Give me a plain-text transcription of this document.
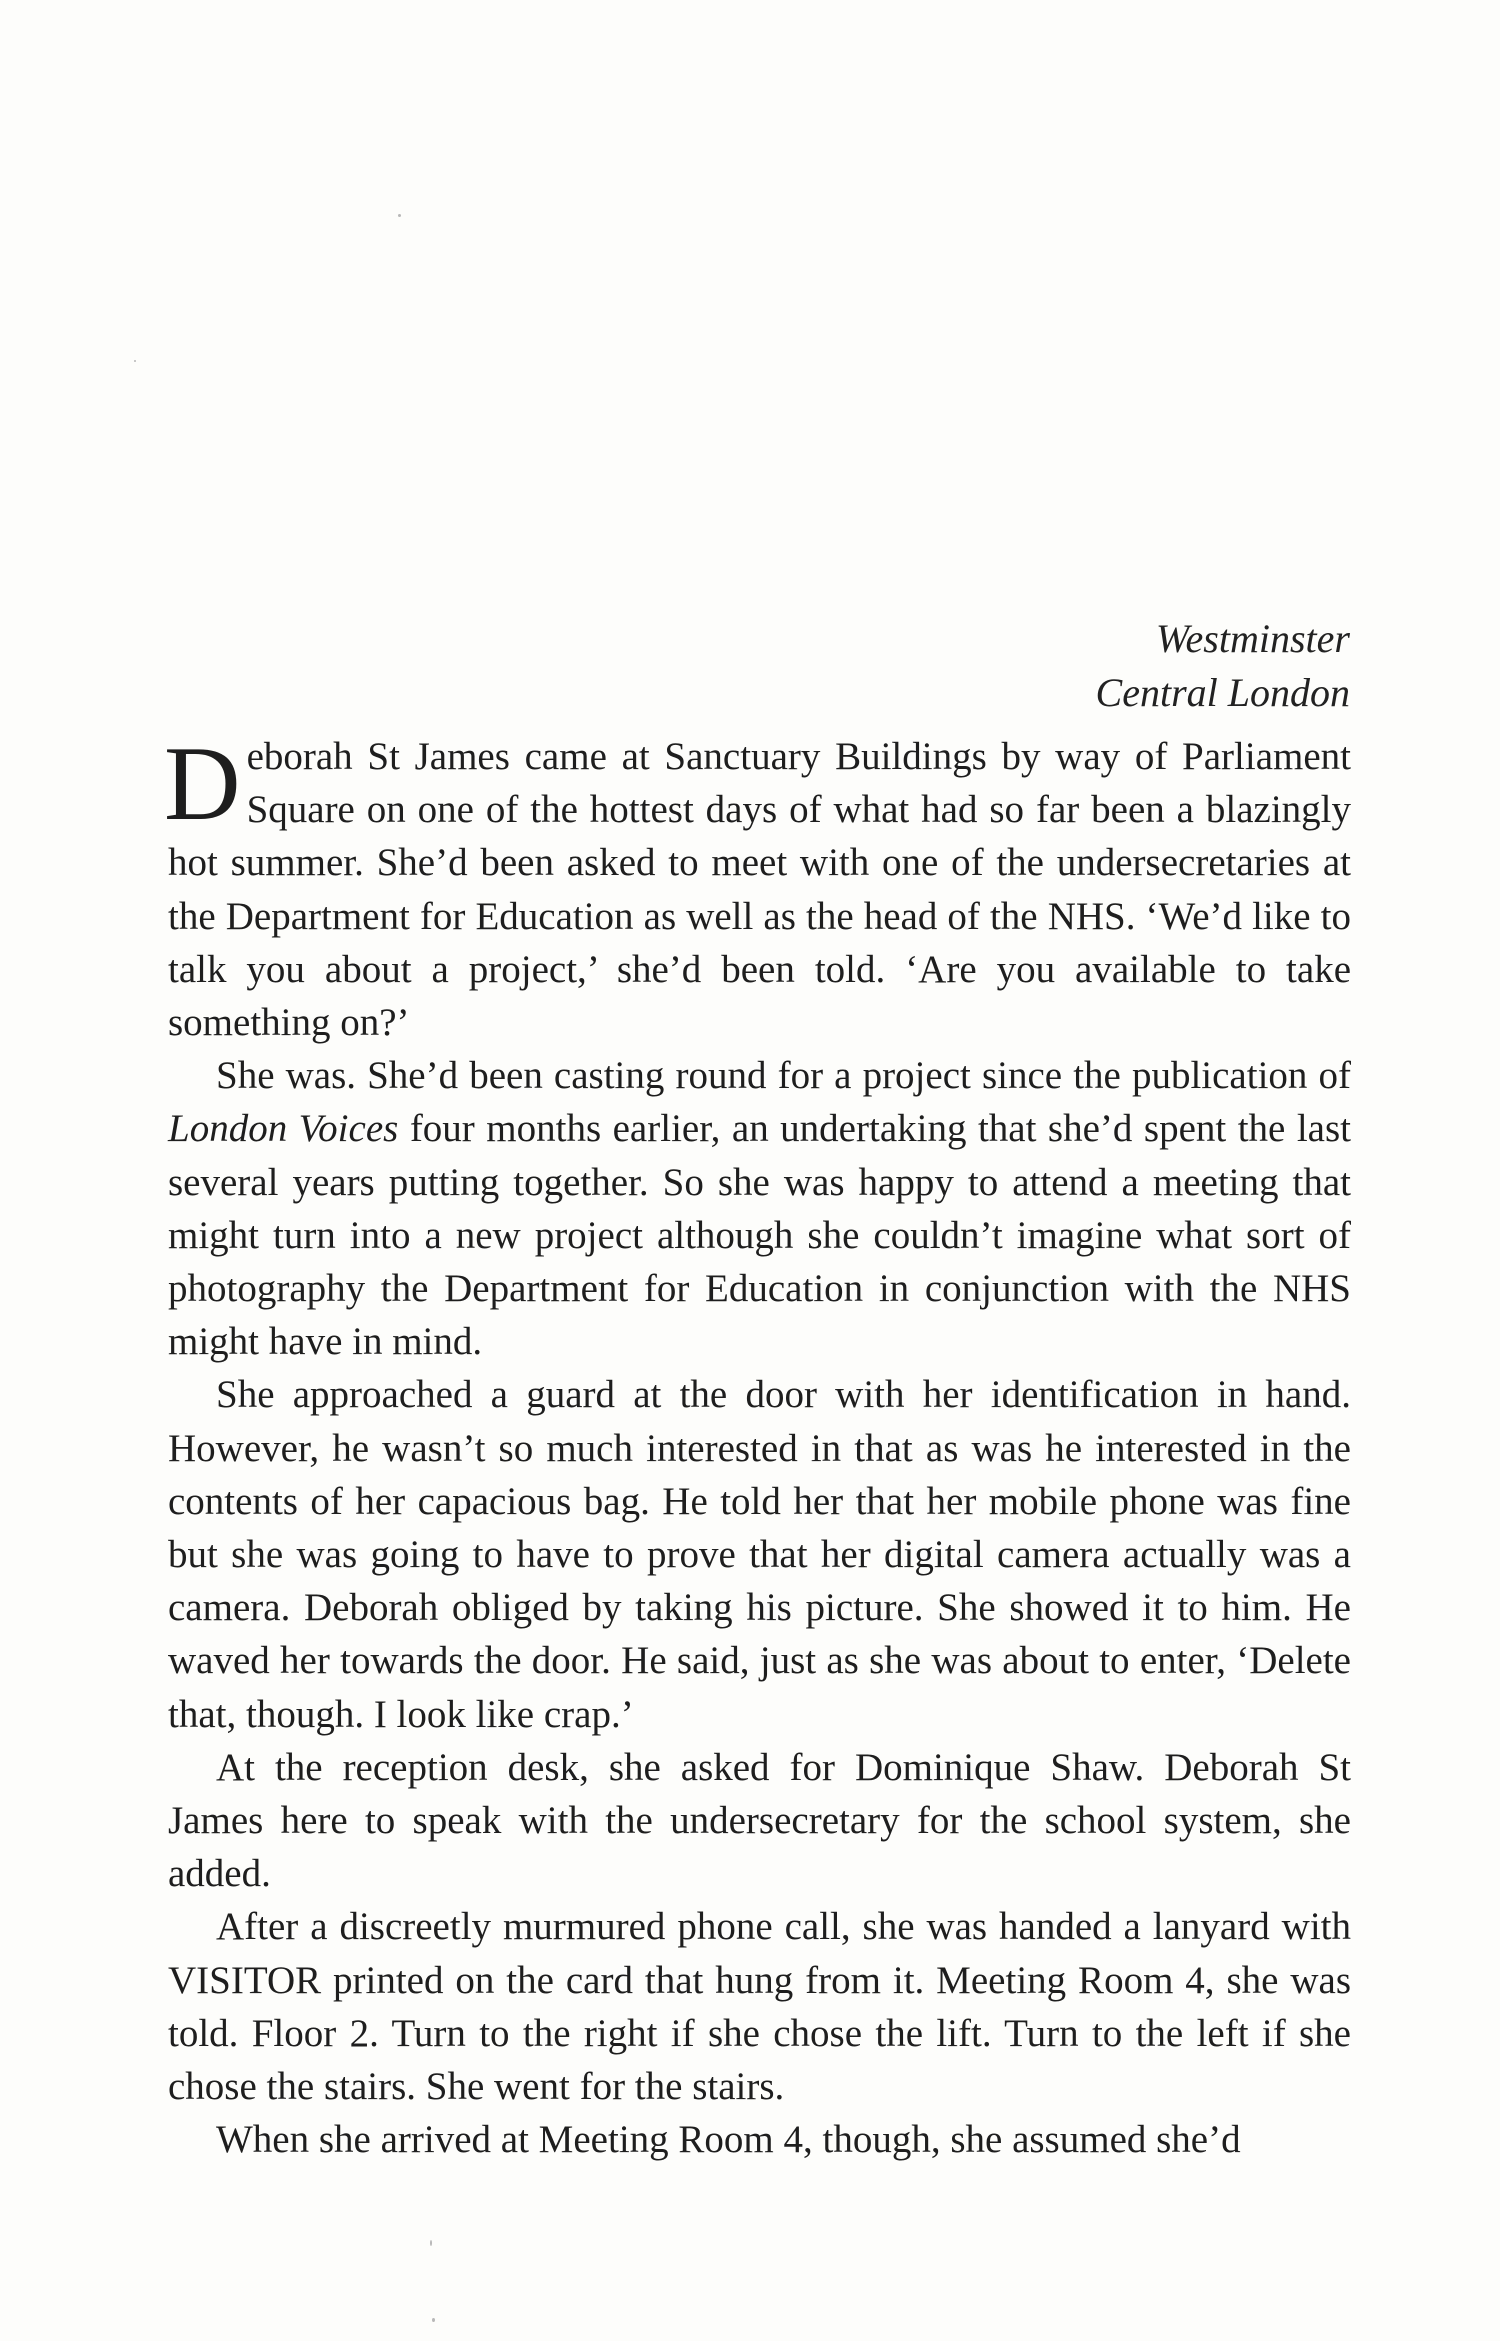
Westminster
Central London

Deborah St James came at Sanctuary Buildings by way of Parliament Square on one of the hottest days of what had so far been a blazingly hot summer. She’d been asked to meet with one of the undersecretaries at the Department for Education as well as the head of the NHS. ‘We’d like to talk you about a project,’ she’d been told. ‘Are you available to take something on?’

She was. She’d been casting round for a project since the publication of London Voices four months earlier, an undertaking that she’d spent the last several years putting together. So she was happy to attend a meeting that might turn into a new project although she couldn’t imagine what sort of photography the Department for Education in conjunction with the NHS might have in mind.

She approached a guard at the door with her identification in hand. However, he wasn’t so much interested in that as was he interested in the contents of her capacious bag. He told her that her mobile phone was fine but she was going to have to prove that her digital camera actually was a camera. Deborah obliged by taking his picture. She showed it to him. He waved her towards the door. He said, just as she was about to enter, ‘Delete that, though. I look like crap.’

At the reception desk, she asked for Dominique Shaw. Deborah St James here to speak with the undersecretary for the school system, she added.

After a discreetly murmured phone call, she was handed a lanyard with VISITOR printed on the card that hung from it. Meeting Room 4, she was told. Floor 2. Turn to the right if she chose the lift. Turn to the left if she chose the stairs. She went for the stairs.

When she arrived at Meeting Room 4, though, she assumed she’d
